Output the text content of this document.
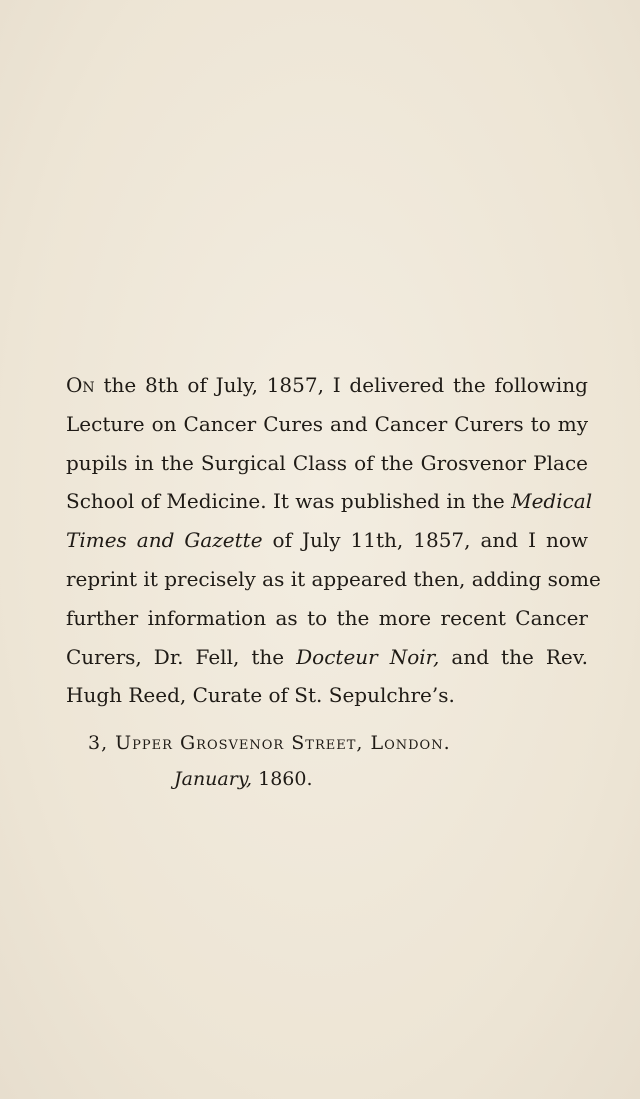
On the 8th of July, 1857, I delivered the following
Lecture on Cancer Cures and Cancer Curers to my
pupils in the Surgical Class of the Grosvenor Place
School of Medicine. It was published in the Medical
Times and Gazette of July 11th, 1857, and I now
reprint it precisely as it appeared then, adding some
further information as to the more recent Cancer
Curers, Dr. Fell, the Docteur Noir, and the Rev.
Hugh Reed, Curate of St. Sepulchre’s.

3, Upper Grosvenor Street, London.

January, 1860.
